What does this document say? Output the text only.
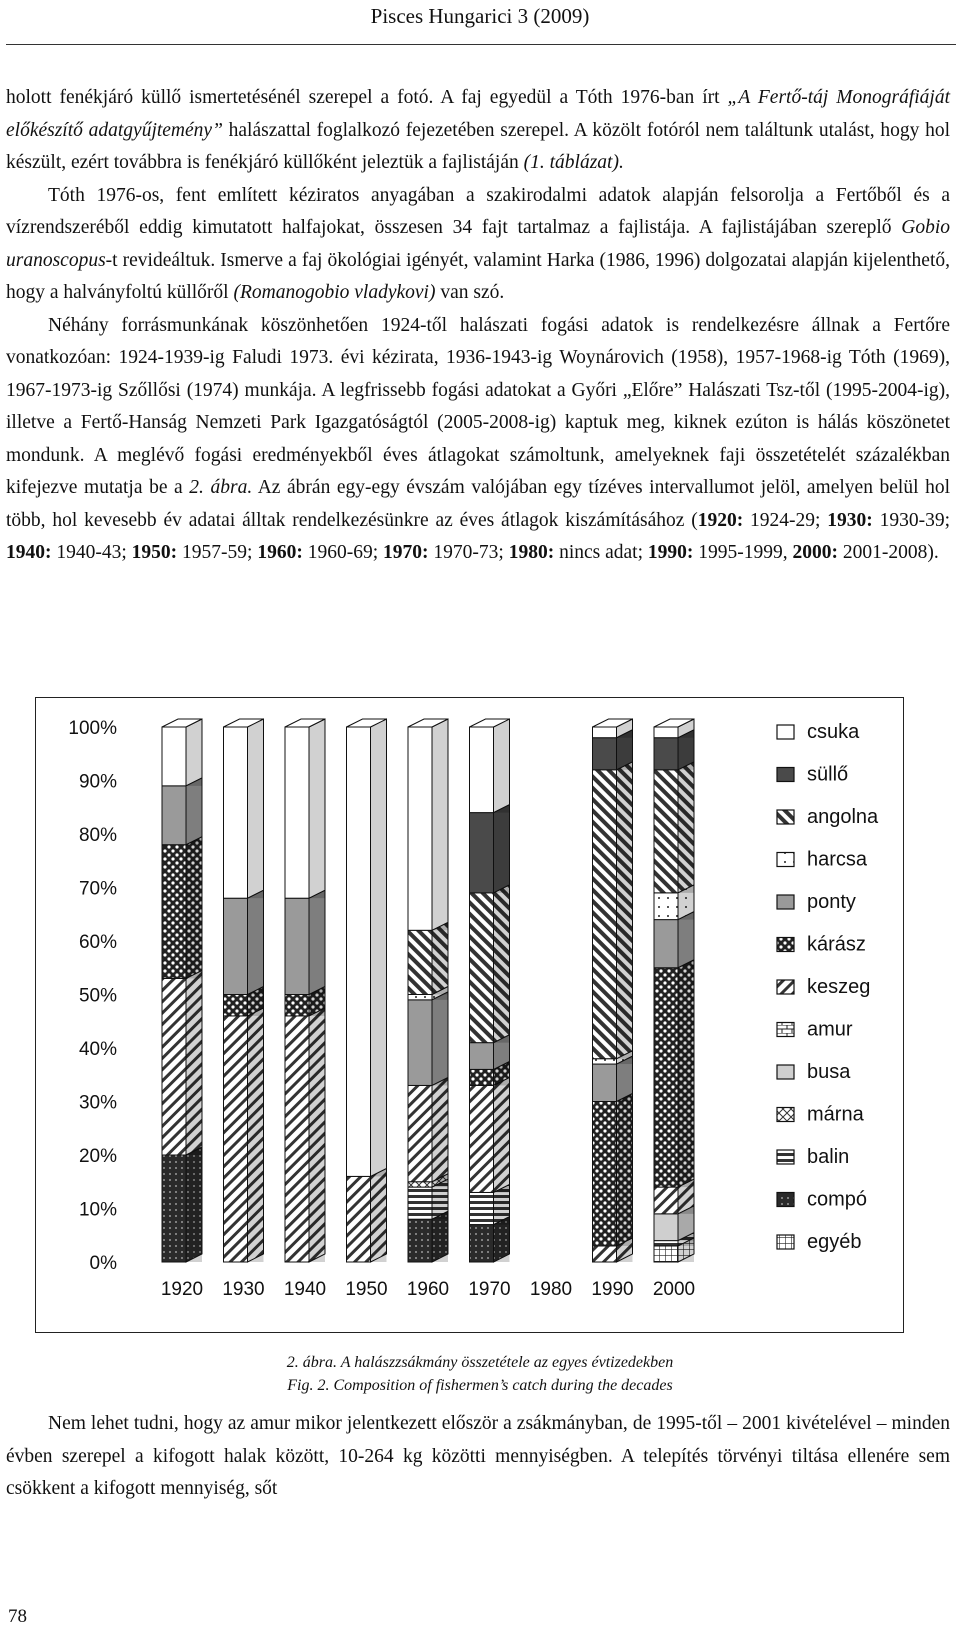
Pisces Hungarici 3 (2009)

holott fenékjáró küllő ismertetésénél szerepel a fotó. A faj egyedül a Tóth 1976-ban írt „A Fertő-táj Monográfiáját előkészítő adatgyűjtemény” halászattal foglalkozó fejezetében szerepel. A közölt fotóról nem találtunk utalást, hogy hol készült, ezért továbbra is fenékjáró küllőként jeleztük a fajlistáján (1. táblázat).

Tóth 1976-os, fent említett kéziratos anyagában a szakirodalmi adatok alapján felsorolja a Fertőből és a vízrendszeréből eddig kimutatott halfajokat, összesen 34 fajt tartalmaz a fajlistája. A fajlistájában szereplő Gobio uranoscopus-t revideáltuk. Ismerve a faj ökológiai igényét, valamint Harka (1986, 1996) dolgozatai alapján kijelenthető, hogy a halványfoltú küllőről (Romanogobio vladykovi) van szó.

Néhány forrásmunkának köszönhetően 1924-től halászati fogási adatok is rendelkezésre állnak a Fertőre vonatkozóan: 1924-1939-ig Faludi 1973. évi kézirata, 1936-1943-ig Woynárovich (1958), 1957-1968-ig Tóth (1969), 1967-1973-ig Szőllősi (1974) munkája. A legfrissebb fogási adatokat a Győri „Előre” Halászati Tsz-től (1995-2004-ig), illetve a Fertő-Hanság Nemzeti Park Igazgatóságtól (2005-2008-ig) kaptuk meg, kiknek ezúton is hálás köszönetet mondunk. A meglévő fogási eredményekből éves átlagokat számoltunk, amelyeknek faji összetételét százalékban kifejezve mutatja be a 2. ábra. Az ábrán egy-egy évszám valójában egy tízéves intervallumot jelöl, amelyen belül hol több, hol kevesebb év adatai álltak rendelkezésünkre az éves átlagok kiszámításához (1920: 1924-29; 1930: 1930-39; 1940: 1940-43; 1950: 1957-59; 1960: 1960-69; 1970: 1970-73; 1980: nincs adat; 1990: 1995-1999, 2000: 2001-2008).

0%
10%
20%
30%
40%
50%
60%
70%
80%
90%
100%
1920 1930 1940 1950 1960 1970 1980 1990 2000
csuka
süllő
angolna
harcsa
ponty
kárász
keszeg
amur
busa
márna
balin
compó
egyéb
2. ábra. A halászzsákmány összetétele az egyes évtizedekben
Fig. 2. Composition of fishermen’s catch during the decades

Nem lehet tudni, hogy az amur mikor jelentkezett először a zsákmányban, de 1995-től – 2001 kivételével – minden évben szerepel a kifogott halak között, 10-264 kg közötti mennyiségben. A telepítés törvényi tiltása ellenére sem csökkent a kifogott mennyiség, sőt

78
